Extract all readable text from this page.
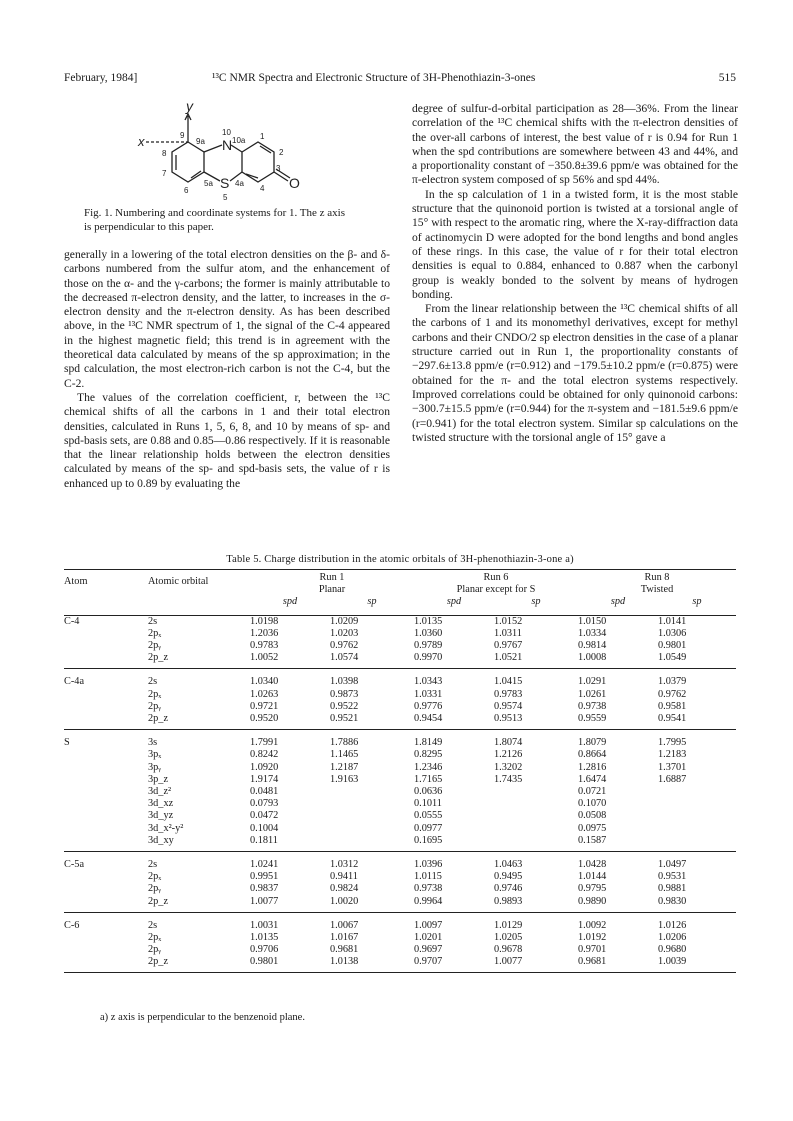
February, 1984]	¹³C NMR Spectra and Electronic Structure of 3H-Phenothiazin-3-ones	515
y
x	9
9a
10
10a 1
2
3
4
4a
5
5a
6
7
8
N
S	O
Fig. 1. Numbering and coordinate systems for 1. The z axis is perpendicular to this paper.

generally in a lowering of the total electron densities on the β- and δ-carbons numbered from the sulfur atom, and the enhancement of those on the α- and the γ-carbons; the former is mainly attributable to the decreased π-electron density, and the latter, to increases in the σ-electron density and the π-electron density. As has been described above, in the ¹³C NMR spectrum of 1, the signal of the C-4 appeared in the highest magnetic field; this trend is in agreement with the theoretical data calculated by means of the sp approximation; in the spd calculation, the most electron-rich carbon is not the C-4, but the C-2.

The values of the correlation coefficient, r, between the ¹³C chemical shifts of all the carbons in 1 and their total electron densities, calculated in Runs 1, 5, 6, 8, and 10 by means of sp- and spd-basis sets, are 0.88 and 0.85—0.86 respectively. If it is reasonable that the linear relationship holds between the electron densities calculated by means of the sp- and spd-basis sets, the value of r is enhanced up to 0.89 by evaluating the

degree of sulfur-d-orbital participation as 28—36%. From the linear correlation of the ¹³C chemical shifts with the π-electron densities of the over-all carbons of interest, the best value of r is 0.94 for Run 1 when the spd contributions are somewhere between 43 and 44%, and a proportionality constant of −350.8±39.6 ppm/e was obtained for the π-electron system composed of sp 56% and spd 44%.

In the sp calculation of 1 in a twisted form, it is the most stable structure that the quinonoid portion is twisted at a torsional angle of 15° with respect to the aromatic ring, where the X-ray-diffraction data of actinomycin D were adopted for the bond lengths and bond angles of these rings. In this case, the value of r for their total electron densities is equal to 0.884, enhanced to 0.887 when the carbonyl group is weakly bonded to the solvent by means of hydrogen bonding.

From the linear relationship between the ¹³C chemical shifts of all the carbons of 1 and its monomethyl derivatives, except for methyl carbons and their CNDO/2 sp electron densities in the case of a planar structure carried out in Run 1, the proportionality constants of −297.6±13.8 ppm/e (r=0.912) and −179.5±10.2 ppm/e (r=0.875) were obtained for the π- and the total electron systems respectively. Improved correlations could be obtained for only quinonoid carbons: −300.7±15.5 ppm/e (r=0.944) for the π-system and −181.5±9.6 ppm/e (r=0.941) for the total electron system. Similar sp calculations on the twisted structure with the torsional angle of 15° gave a

Table 5. Charge distribution in the atomic orbitals of 3H-phenothiazin-3-one a)
Atom	Atomic orbital	Run 1
Planar		Run 6
Planar except for S		Run 8
Twisted	
		spd	sp	spd	sp	spd	sp
C-4	2s	1.0198	1.0209	1.0135	1.0152	1.0150	1.0141
	2pₓ	1.2036	1.0203	1.0360	1.0311	1.0334	1.0306
	2pᵧ	0.9783	0.9762	0.9789	0.9767	0.9814	0.9801
	2p_z	1.0052	1.0574	0.9970	1.0521	1.0008	1.0549

C-4a	2s	1.0340	1.0398	1.0343	1.0415	1.0291	1.0379
	2pₓ	1.0263	0.9873	1.0331	0.9783	1.0261	0.9762
	2pᵧ	0.9721	0.9522	0.9776	0.9574	0.9738	0.9581
	2p_z	0.9520	0.9521	0.9454	0.9513	0.9559	0.9541

S	3s	1.7991	1.7886	1.8149	1.8074	1.8079	1.7995
	3pₓ	0.8242	1.1465	0.8295	1.2126	0.8664	1.2183
	3pᵧ	1.0920	1.2187	1.2346	1.3202	1.2816	1.3701
	3p_z	1.9174	1.9163	1.7165	1.7435	1.6474	1.6887
	3d_z²	0.0481		0.0636		0.0721	
	3d_xz	0.0793		0.1011		0.1070	
	3d_yz	0.0472		0.0555		0.0508	
	3d_x²-y²	0.1004		0.0977		0.0975	
	3d_xy	0.1811		0.1695		0.1587	

C-5a	2s	1.0241	1.0312	1.0396	1.0463	1.0428	1.0497
	2pₓ	0.9951	0.9411	1.0115	0.9495	1.0144	0.9531
	2pᵧ	0.9837	0.9824	0.9738	0.9746	0.9795	0.9881
	2p_z	1.0077	1.0020	0.9964	0.9893	0.9890	0.9830

C-6	2s	1.0031	1.0067	1.0097	1.0129	1.0092	1.0126
	2pₓ	1.0135	1.0167	1.0201	1.0205	1.0192	1.0206
	2pᵧ	0.9706	0.9681	0.9697	0.9678	0.9701	0.9680
	2p_z	0.9801	1.0138	0.9707	1.0077	0.9681	1.0039

a) z axis is perpendicular to the benzenoid plane.
